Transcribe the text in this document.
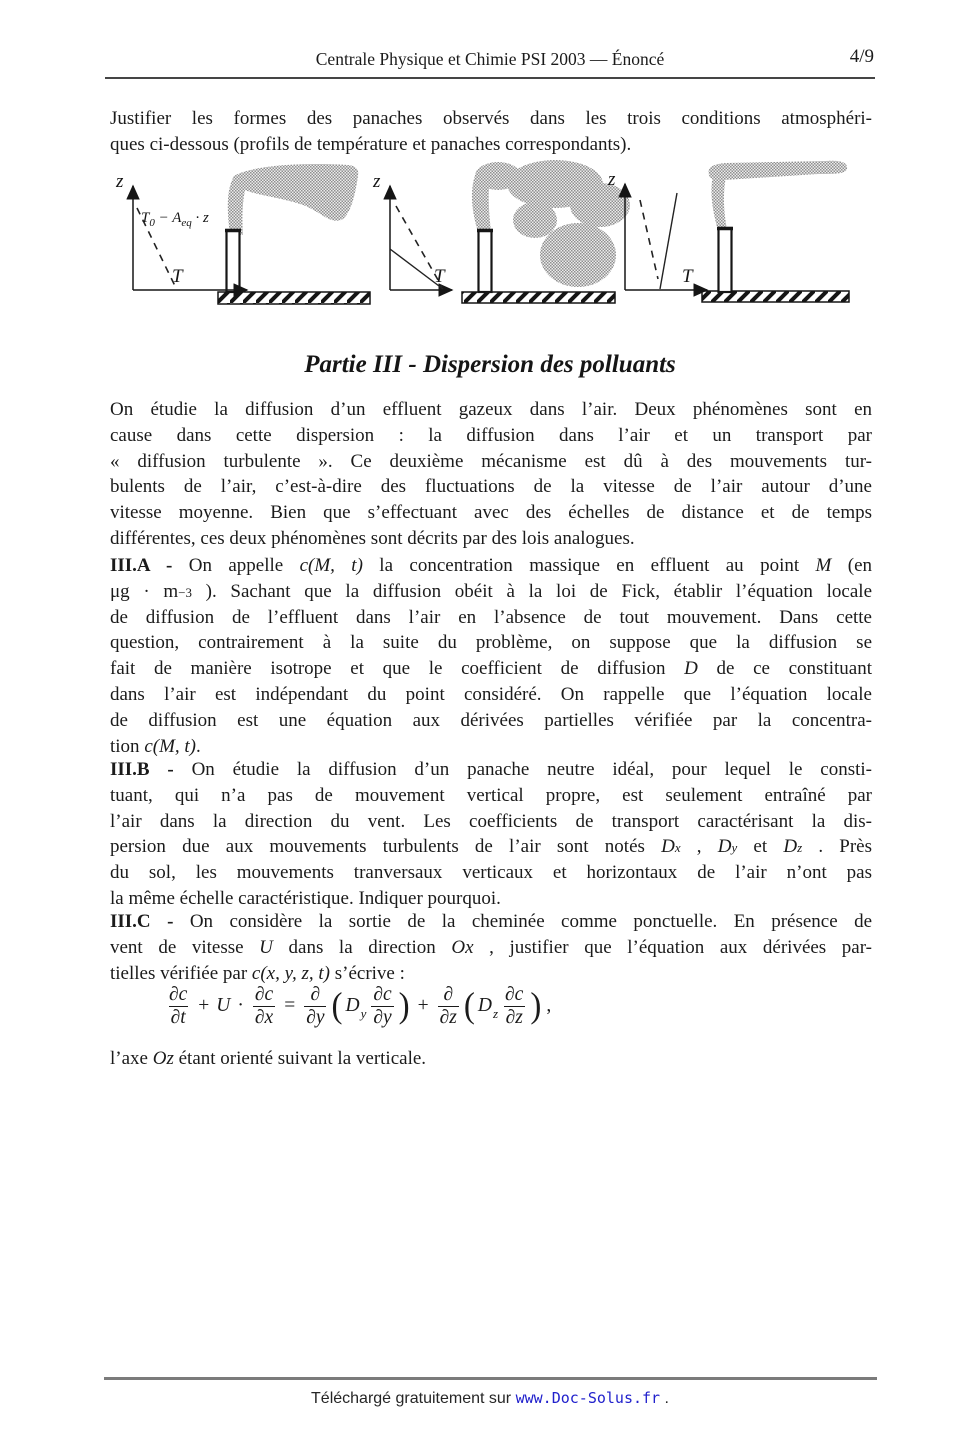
Centrale Physique et Chimie PSI 2003 — Énoncé	4/9
Justifier les formes des panaches observés dans les trois conditions atmosphéri-
ques ci-dessous (profils de température et panaches correspondants).
z
T
$T_0 - A_{eq} \cdot z$
z
T
z
T
Partie III - Dispersion des polluants
On étudie la diffusion d’un effluent gazeux dans l’air. Deux phénomènes sont en
cause dans cette dispersion : la diffusion dans l’air et un transport par
« diffusion turbulente ». Ce deuxième mécanisme est dû à des mouvements tur-
bulents de l’air, c’est-à-dire des fluctuations de la vitesse de l’air autour d’une
vitesse moyenne. Bien que s’effectuant avec des échelles de distance et de temps
différentes, ces deux phénomènes sont décrits par des lois analogues.
III.A - On appelle c(M, t) la concentration massique en effluent au point M (en
$\mu g \cdot m^{-3}$ ). Sachant que la diffusion obéit à la loi de Fick, établir l’équation locale
de diffusion de l’effluent dans l’air en l’absence de tout mouvement. Dans cette
question, contrairement à la suite du problème, on suppose que la diffusion se
fait de manière isotrope et que le coefficient de diffusion D de ce constituant
dans l’air est indépendant du point considéré. On rappelle que l’équation locale
de diffusion est une équation aux dérivées partielles vérifiée par la concentra-
tion c(M, t).
III.B - On étudie la diffusion d’un panache neutre idéal, pour lequel le consti-
tuant, qui n’a pas de mouvement vertical propre, est seulement entraîné par
l’air dans la direction du vent. Les coefficients de transport caractérisant la dis-
persion due aux mouvements turbulents de l’air sont notés Dx , Dy et Dz . Près
du sol, les mouvements tranversaux verticaux et horizontaux de l’air n’ont pas
la même échelle caractéristique. Indiquer pourquoi.
III.C - On considère la sortie de la cheminée comme ponctuelle. En présence de
vent de vitesse U dans la direction Ox , justifier que l’équation aux dérivées par-
tielles vérifiée par c(x, y, z, t) s’écrive :
$\frac{\partial c}{\partial t} + U \cdot \frac{\partial c}{\partial x} = \frac{\partial}{\partial y}$ ( D y $\frac{\partial c}{\partial y}$ ) + $\frac{\partial}{\partial z}$ ( D z $\frac{\partial c}{\partial z}$ ) ,
l’axe Oz étant orienté suivant la verticale.
Téléchargé gratuitement sur www.Doc-Solus.fr .
